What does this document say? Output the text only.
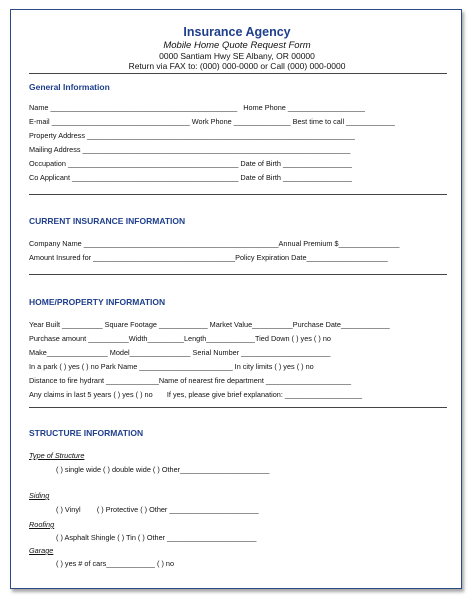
Insurance Agency
Mobile Home Quote Request Form
0000 Santiam Hwy SE Albany, OR 00000
Return via FAX to: (000) 000-0000 or Call (000) 000-0000
General Information
Name ______________________________________________   Home Phone ___________________
E-mail __________________________________ Work Phone ______________ Best time to call ____________
Property Address __________________________________________________________________
Mailing Address __________________________________________________________________
Occupation __________________________________________ Date of Birth _________________
Co Applicant _________________________________________ Date of Birth _________________
CURRENT INSURANCE INFORMATION
Company Name ________________________________________________Annual Premium $_______________
Amount Insured for ___________________________________Policy Expiration Date____________________
HOME/PROPERTY INFORMATION
Year Built __________ Square Footage ____________ Market Value__________Purchase Date____________
Purchase amount __________Width_________Length____________Tied Down ( ) yes ( ) no
Make_______________ Model_______________ Serial Number ______________________
In a park ( ) yes ( ) no Park Name _______________________ In city limits ( ) yes ( ) no
Distance to fire hydrant _____________Name of nearest fire department _____________________
Any claims in last 5 years ( ) yes ( ) no       If yes, please give brief explanation: ___________________
STRUCTURE INFORMATION
Type of Structure
( ) single wide ( ) double wide ( ) Other______________________
Siding
( ) Vinyl        ( ) Protective ( ) Other ______________________
Roofing
( ) Asphalt Shingle ( ) Tin ( ) Other ______________________
Garage
( ) yes # of cars____________ ( ) no
